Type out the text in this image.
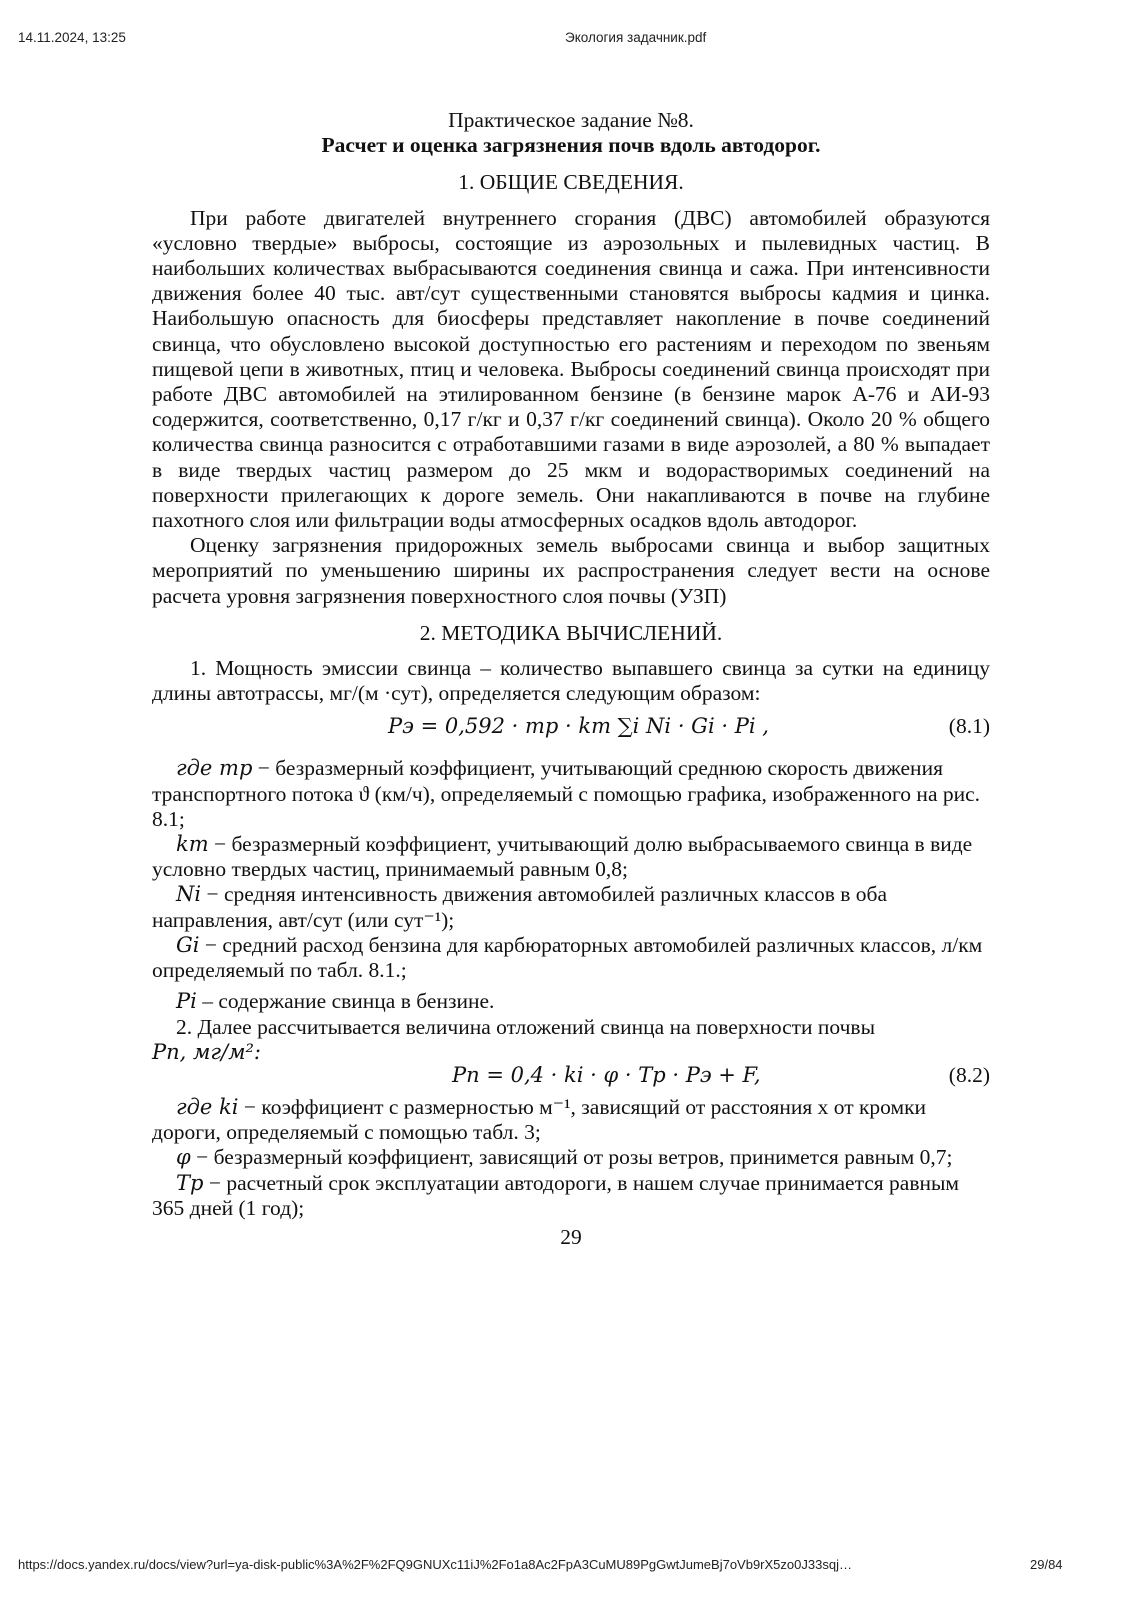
14.11.2024, 13:25	Экология задачник.pdf

Практическое задание №8.

Расчет и оценка загрязнения почв вдоль автодорог.

1. ОБЩИЕ СВЕДЕНИЯ.

При работе двигателей внутреннего сгорания (ДВС) автомобилей образуются «условно твердые» выбросы, состоящие из аэрозольных и пылевидных частиц. В наибольших количествах выбрасываются соединения свинца и сажа. При интенсивности движения более 40 тыс. авт/сут существенными становятся выбросы кадмия и цинка. Наибольшую опасность для биосферы представляет накопление в почве соединений свинца, что обусловлено высокой доступностью его растениям и переходом по звеньям пищевой цепи в животных, птиц и человека. Выбросы соединений свинца происходят при работе ДВС автомобилей на этилированном бензине (в бензине марок А-76 и АИ-93 содержится, соответственно, 0,17 г/кг и 0,37 г/кг соединений свинца). Около 20 % общего количества свинца разносится с отработавшими газами в виде аэрозолей, а 80 % выпадает в виде твердых частиц размером до 25 мкм и водорастворимых соединений на поверхности прилегающих к дороге земель. Они накапливаются в почве на глубине пахотного слоя или фильтрации воды атмосферных осадков вдоль автодорог.

Оценку загрязнения придорожных земель выбросами свинца и выбор защитных мероприятий по уменьшению ширины их распространения следует вести на основе расчета уровня загрязнения поверхностного слоя почвы (УЗП)

2. МЕТОДИКА ВЫЧИСЛЕНИЙ.

1. Мощность эмиссии свинца – количество выпавшего свинца за сутки на единицу длины автотрассы, мг/(м ·сут), определяется следующим образом:

Pэ = 0,592 · mp · kт ∑i Ni · Gi · Pi ,	(8.1)

где mp − безразмерный коэффициент, учитывающий среднюю скорость движения транспортного потока ϑ (км/ч), определяемый с помощью графика, изображенного на рис. 8.1;

kт − безразмерный коэффициент, учитывающий долю выбрасываемого свинца в виде условно твердых частиц, принимаемый равным 0,8;

Ni − средняя интенсивность движения автомобилей различных классов в оба направления, авт/сут (или сут⁻¹);

Gi − средний расход бензина для карбюраторных автомобилей различных классов, л/км определяемый по табл. 8.1.;

Pi – содержание свинца в бензине.

2. Далее рассчитывается величина отложений свинца на поверхности почвы

Pп, мг/м²:

Pп = 0,4 · ki · φ · Tp · Pэ + F,	(8.2)

где ki − коэффициент с размерностью м⁻¹, зависящий от расстояния х от кромки дороги, определяемый с помощью табл. 3;

φ − безразмерный коэффициент, зависящий от розы ветров, принимется равным 0,7;

Tp − расчетный срок эксплуатации автодороги, в нашем случае принимается равным 365 дней (1 год);

29

https://docs.yandex.ru/docs/view?url=ya-disk-public%3A%2F%2FQ9GNUXc11iJ%2Fo1a8Ac2FpA3CuMU89PgGwtJumeBj7oVb9rX5zo0J33sqj…	29/84
